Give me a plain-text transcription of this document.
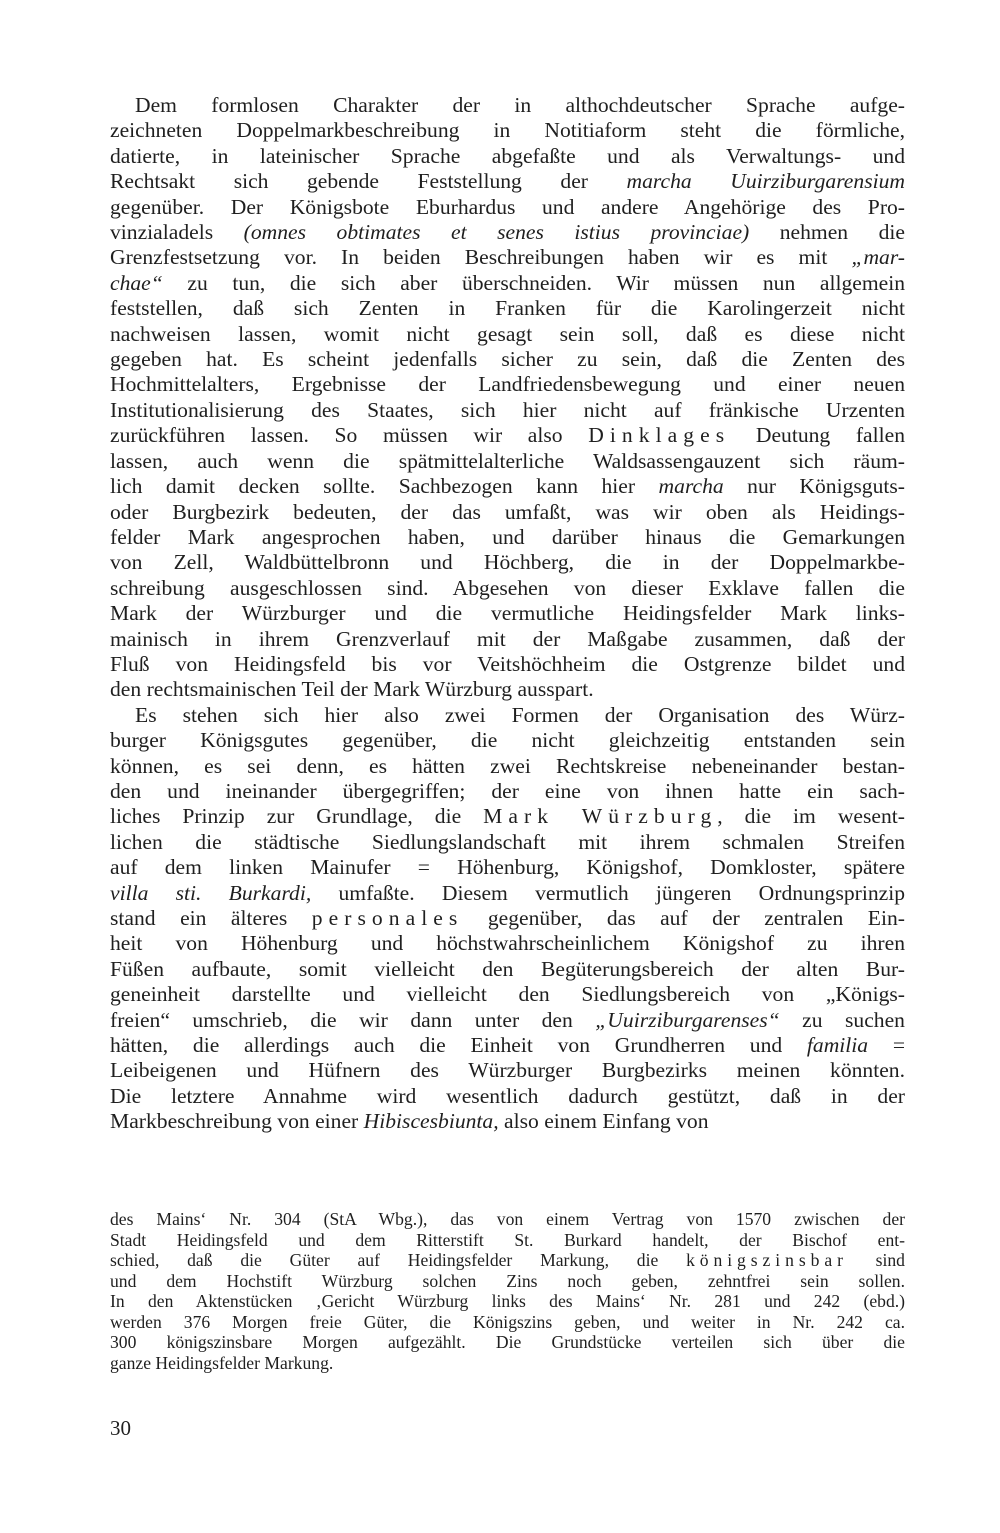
Dem formlosen Charakter der in althochdeutscher Sprache aufge-
zeichneten Doppelmarkbeschreibung in Notitiaform steht die förmliche,
datierte, in lateinischer Sprache abgefaßte und als Verwaltungs- und
Rechtsakt sich gebende Feststellung der marcha Uuirziburgarensium
gegenüber. Der Königsbote Eburhardus und andere Angehörige des Pro-
vinzialadels (omnes obtimates et senes istius provinciae) nehmen die
Grenzfestsetzung vor. In beiden Beschreibungen haben wir es mit „mar-
chae“ zu tun, die sich aber überschneiden. Wir müssen nun allgemein
feststellen, daß sich Zenten in Franken für die Karolingerzeit nicht
nachweisen lassen, womit nicht gesagt sein soll, daß es diese nicht
gegeben hat. Es scheint jedenfalls sicher zu sein, daß die Zenten des
Hochmittelalters, Ergebnisse der Landfriedensbewegung und einer neuen
Institutionalisierung des Staates, sich hier nicht auf fränkische Urzenten
zurückführen lassen. So müssen wir also Dinklages Deutung fallen
lassen, auch wenn die spätmittelalterliche Waldsassengauzent sich räum-
lich damit decken sollte. Sachbezogen kann hier marcha nur Königsguts-
oder Burgbezirk bedeuten, der das umfaßt, was wir oben als Heidings-
felder Mark angesprochen haben, und darüber hinaus die Gemarkungen
von Zell, Waldbüttelbronn und Höchberg, die in der Doppelmarkbe-
schreibung ausgeschlossen sind. Abgesehen von dieser Exklave fallen die
Mark der Würzburger und die vermutliche Heidingsfelder Mark links-
mainisch in ihrem Grenzverlauf mit der Maßgabe zusammen, daß der
Fluß von Heidingsfeld bis vor Veitshöchheim die Ostgrenze bildet und
den rechtsmainischen Teil der Mark Würzburg ausspart.

Es stehen sich hier also zwei Formen der Organisation des Würz-
burger Königsgutes gegenüber, die nicht gleichzeitig entstanden sein
können, es sei denn, es hätten zwei Rechtskreise nebeneinander bestan-
den und ineinander übergegriffen; der eine von ihnen hatte ein sach-
liches Prinzip zur Grundlage, die Mark Würzburg, die im wesent-
lichen die städtische Siedlungslandschaft mit ihrem schmalen Streifen
auf dem linken Mainufer = Höhenburg, Königshof, Domkloster, spätere
villa sti. Burkardi, umfaßte. Diesem vermutlich jüngeren Ordnungsprinzip
stand ein älteres personales gegenüber, das auf der zentralen Ein-
heit von Höhenburg und höchstwahrscheinlichem Königshof zu ihren
Füßen aufbaute, somit vielleicht den Begüterungsbereich der alten Bur-
geneinheit darstellte und vielleicht den Siedlungsbereich von „Königs-
freien“ umschrieb, die wir dann unter den „Uuirziburgarenses“ zu suchen
hätten, die allerdings auch die Einheit von Grundherren und familia =
Leibeigenen und Hüfnern des Würzburger Burgbezirks meinen könnten.
Die letztere Annahme wird wesentlich dadurch gestützt, daß in der
Markbeschreibung von einer Hibiscesbiunta, also einem Einfang von

des Mains‘ Nr. 304 (StA Wbg.), das von einem Vertrag von 1570 zwischen der
Stadt Heidingsfeld und dem Ritterstift St. Burkard handelt, der Bischof ent-
schied, daß die Güter auf Heidingsfelder Markung, die königszinsbar sind
und dem Hochstift Würzburg solchen Zins noch geben, zehntfrei sein sollen.
In den Aktenstücken ‚Gericht Würzburg links des Mains‘ Nr. 281 und 242 (ebd.)
werden 376 Morgen freie Güter, die Königszins geben, und weiter in Nr. 242 ca.
300 königszinsbare Morgen aufgezählt. Die Grundstücke verteilen sich über die
ganze Heidingsfelder Markung.
30
